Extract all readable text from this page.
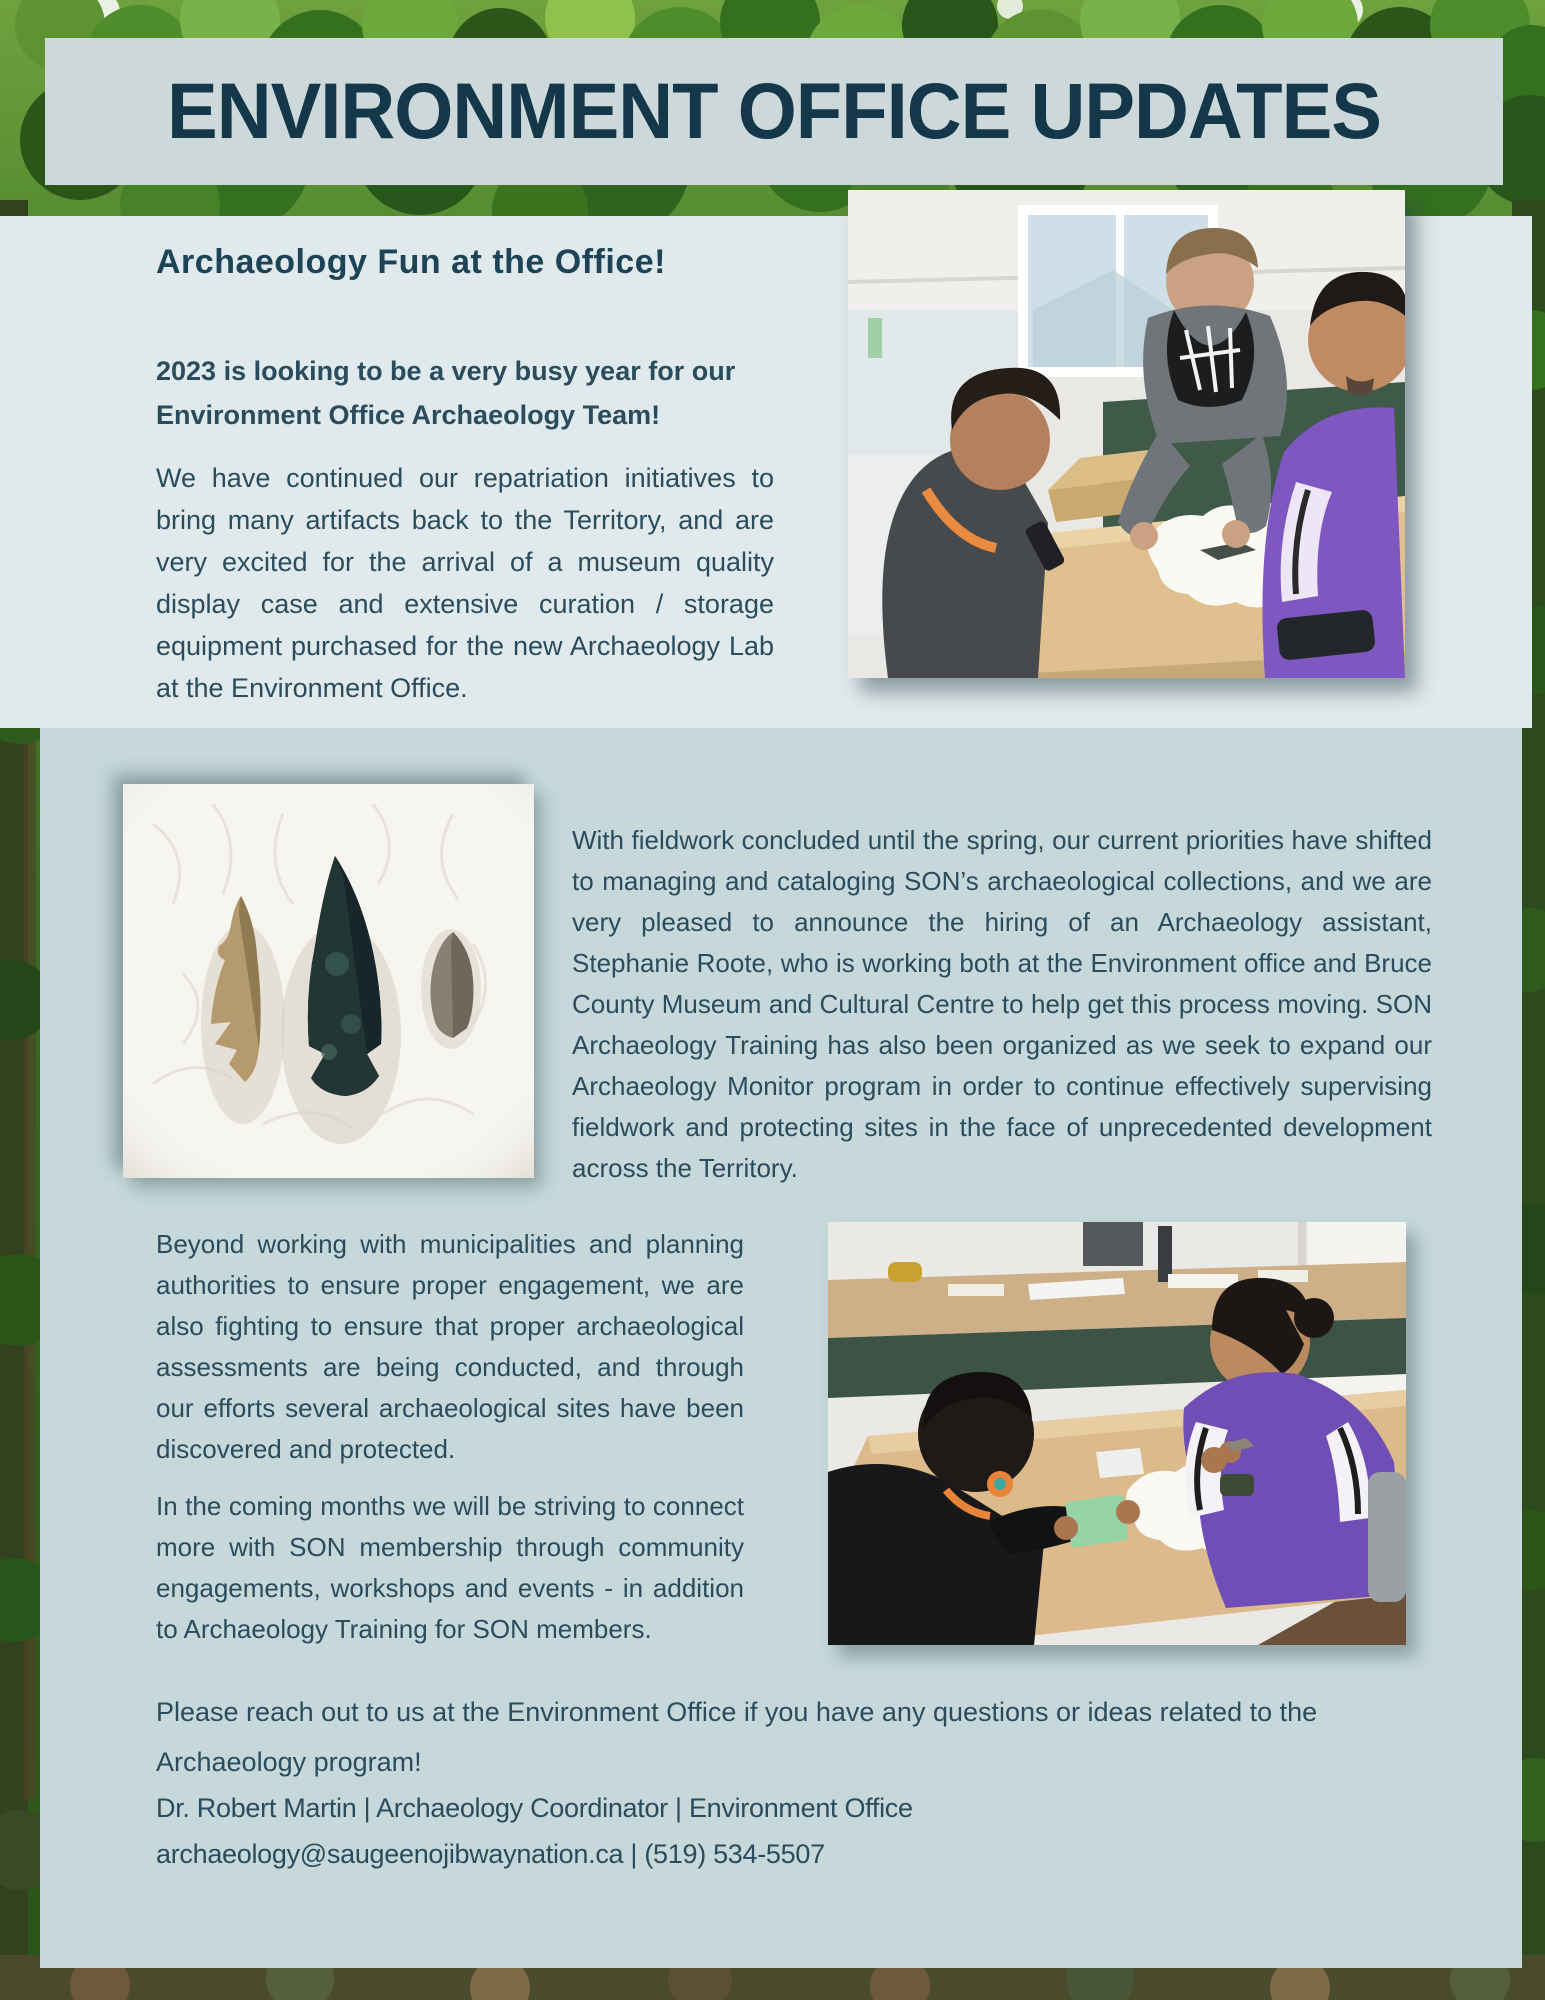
ENVIRONMENT OFFICE UPDATES
Archaeology Fun at the Office!

2023 is looking to be a very busy year for our Environment Office Archaeology Team!

We have continued our repatriation initiatives to bring many artifacts back to the Territory, and are very excited for the arrival of a museum quality display case and extensive curation / storage equipment purchased for the new Archaeology Lab at the Environment Office.

With fieldwork concluded until the spring, our current priorities have shifted to managing and cataloging SON’s archaeological collections, and we are very pleased to announce the hiring of an Archaeology assistant, Stephanie Roote, who is working both at the Environment office and Bruce County Museum and Cultural Centre to help get this process moving. SON Archaeology Training has also been organized as we seek to expand our Archaeology Monitor program in order to continue effectively supervising fieldwork and protecting sites in the face of unprecedented development across the Territory.

Beyond working with municipalities and planning authorities to ensure proper engagement, we are also fighting to ensure that proper archaeological assessments are being conducted, and through our efforts several archaeological sites have been discovered and protected.

In the coming months we will be striving to connect more with SON membership through community engagements, workshops and events - in addition to Archaeology Training for SON members.

Please reach out to us at the Environment Office if you have any questions or ideas related to the Archaeology program!

Dr. Robert Martin | Archaeology Coordinator | Environment Office
archaeology@saugeenojibwaynation.ca | (519) 534-5507
